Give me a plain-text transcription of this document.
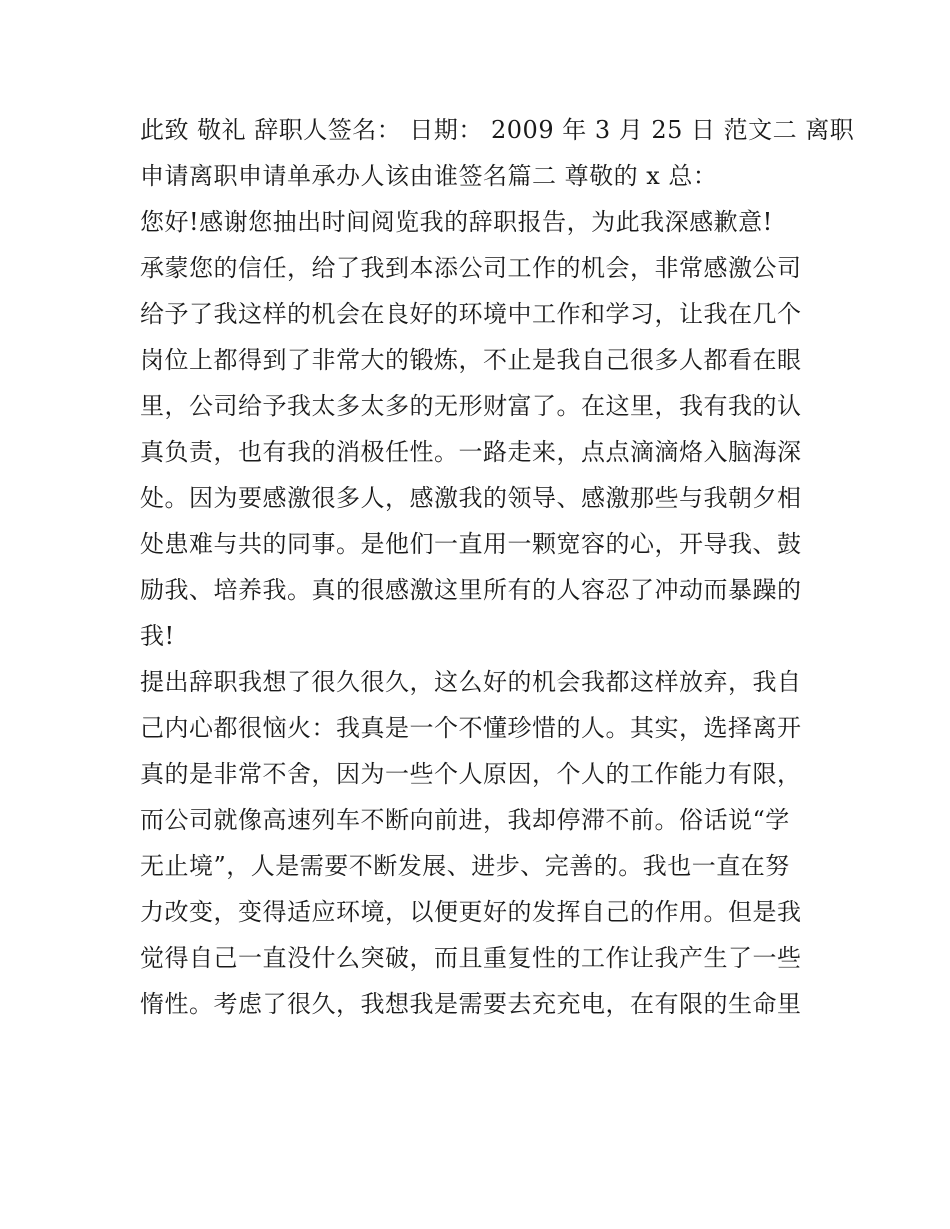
此致 敬礼 辞职人签名： 日期： 2009 年 3 月 25 日 范文二 离职
申请离职申请单承办人该由谁签名篇二 尊敬的 x 总：
您好!感谢您抽出时间阅览我的辞职报告，为此我深感歉意!
承蒙您的信任，给了我到本添公司工作的机会，非常感激公司
给予了我这样的机会在良好的环境中工作和学习，让我在几个
岗位上都得到了非常大的锻炼，不止是我自己很多人都看在眼
里，公司给予我太多太多的无形财富了。在这里，我有我的认
真负责，也有我的消极任性。一路走来，点点滴滴烙入脑海深
处。因为要感激很多人，感激我的领导、感激那些与我朝夕相
处患难与共的同事。是他们一直用一颗宽容的心，开导我、鼓
励我、培养我。真的很感激这里所有的人容忍了冲动而暴躁的
我!
提出辞职我想了很久很久，这么好的机会我都这样放弃，我自
己内心都很恼火：我真是一个不懂珍惜的人。其实，选择离开
真的是非常不舍，因为一些个人原因，个人的工作能力有限，
而公司就像高速列车不断向前进，我却停滞不前。俗话说“学
无止境”，人是需要不断发展、进步、完善的。我也一直在努
力改变，变得适应环境，以便更好的发挥自己的作用。但是我
觉得自己一直没什么突破，而且重复性的工作让我产生了一些
惰性。考虑了很久，我想我是需要去充充电，在有限的生命里
